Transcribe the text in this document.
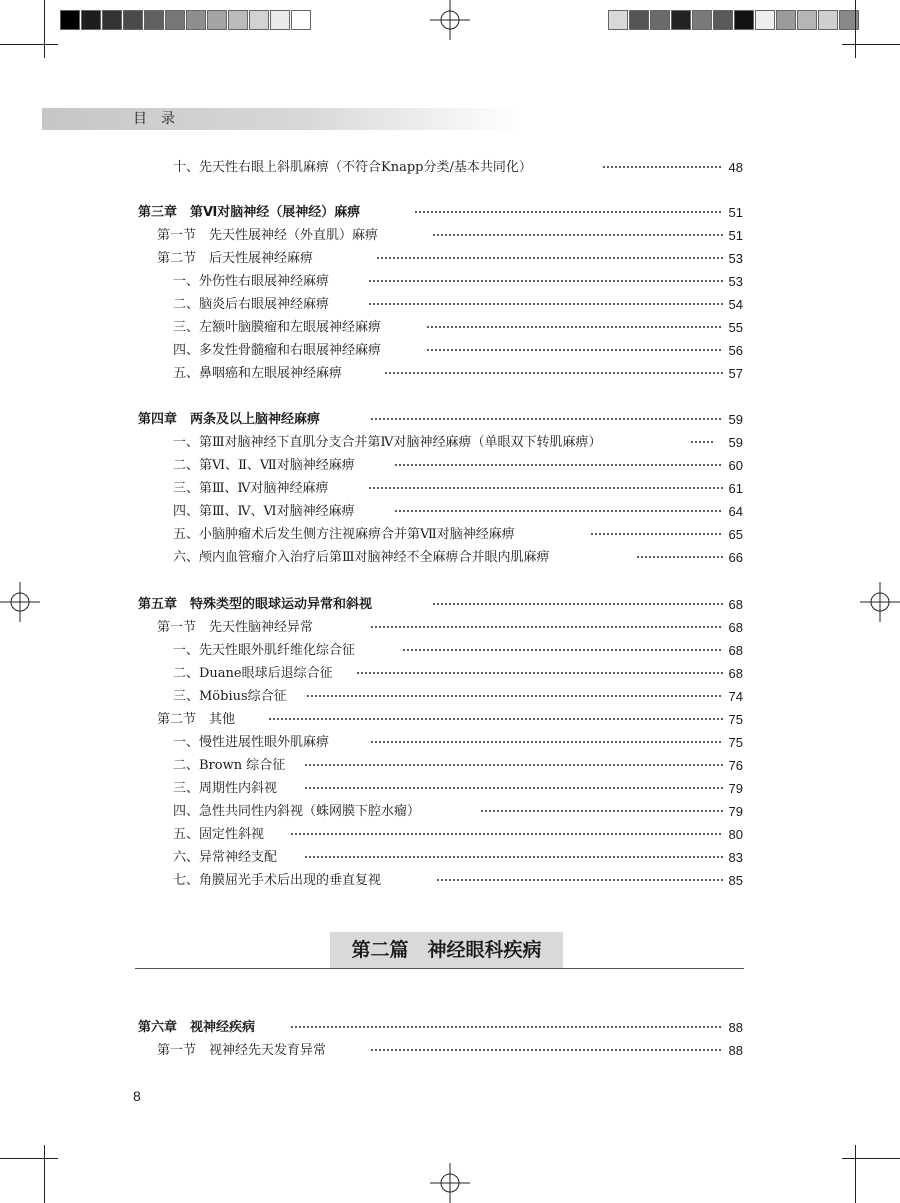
目录
十、先天性右眼上斜肌麻痹（不符合Knapp分类/基本共同化）	48
第三章　第Ⅵ对脑神经（展神经）麻痹	51
第一节　先天性展神经（外直肌）麻痹	51
第二节　后天性展神经麻痹	53
一、外伤性右眼展神经麻痹	53
二、脑炎后右眼展神经麻痹	54
三、左额叶脑膜瘤和左眼展神经麻痹	55
四、多发性骨髓瘤和右眼展神经麻痹	56
五、鼻咽癌和左眼展神经麻痹	57
第四章　两条及以上脑神经麻痹	59
一、第Ⅲ对脑神经下直肌分支合并第Ⅳ对脑神经麻痹（单眼双下转肌麻痹）	59
二、第Ⅵ、Ⅱ、Ⅶ对脑神经麻痹	60
三、第Ⅲ、Ⅳ对脑神经麻痹	61
四、第Ⅲ、Ⅳ、Ⅵ对脑神经麻痹	64
五、小脑肿瘤术后发生侧方注视麻痹合并第Ⅶ对脑神经麻痹	65
六、颅内血管瘤介入治疗后第Ⅲ对脑神经不全麻痹合并眼内肌麻痹	66
第五章　特殊类型的眼球运动异常和斜视	68
第一节　先天性脑神经异常	68
一、先天性眼外肌纤维化综合征	68
二、Duane眼球后退综合征	68
三、Möbius综合征	74
第二节　其他	75
一、慢性进展性眼外肌麻痹	75
二、Brown 综合征	76
三、周期性内斜视	79
四、急性共同性内斜视（蛛网膜下腔水瘤）	79
五、固定性斜视	80
六、异常神经支配	83
七、角膜屈光手术后出现的垂直复视	85
第二篇　神经眼科疾病
第六章　视神经疾病	88
第一节　视神经先天发育异常	88
8
